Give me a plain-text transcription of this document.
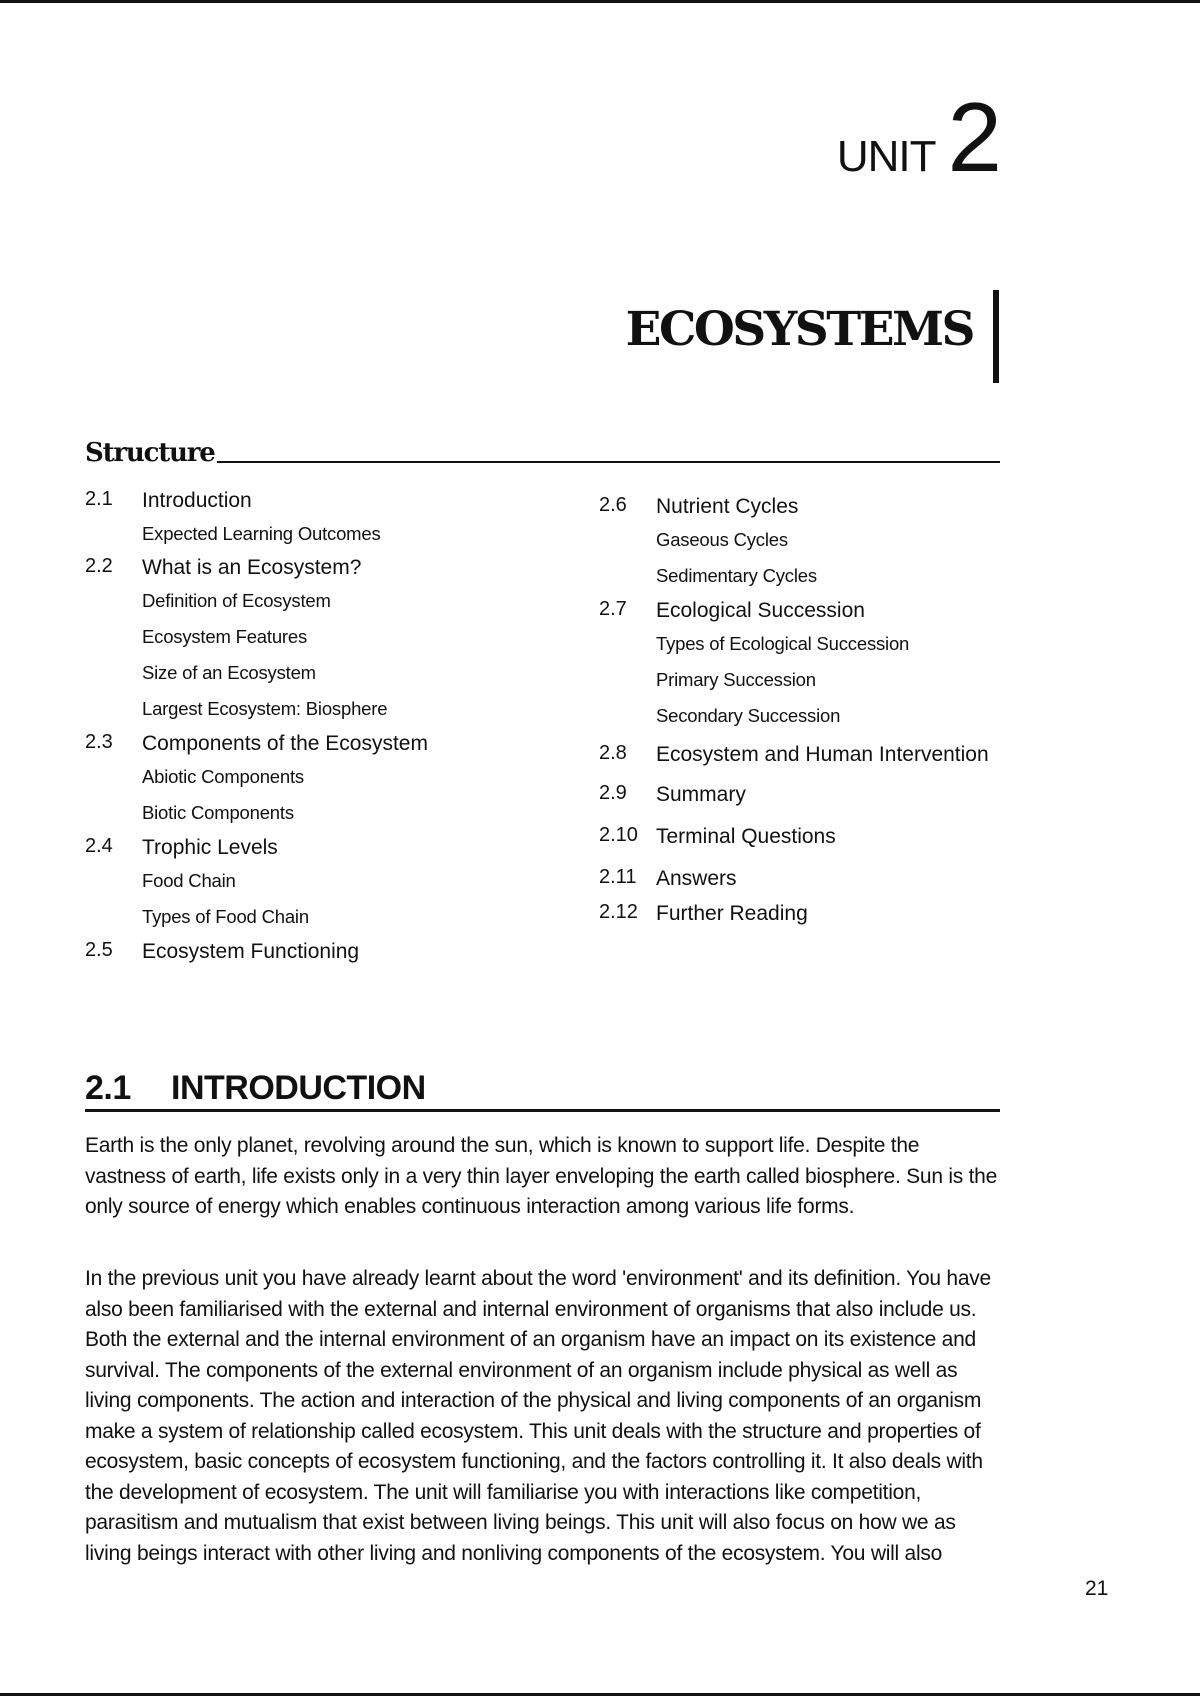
UNIT 2
ECOSYSTEMS
Structure
2.1	Introduction
Expected Learning Outcomes
2.2	What is an Ecosystem?
Definition of Ecosystem
Ecosystem Features
Size of an Ecosystem
Largest Ecosystem: Biosphere
2.3	Components of the Ecosystem
Abiotic Components
Biotic Components
2.4	Trophic Levels
Food Chain
Types of Food Chain
2.5	Ecosystem Functioning
2.6	Nutrient Cycles
Gaseous Cycles
Sedimentary Cycles
2.7	Ecological Succession
Types of Ecological Succession
Primary Succession
Secondary Succession
2.8	Ecosystem and Human Intervention
2.9	Summary
2.10 Terminal Questions
2.11 Answers
2.12 Further Reading
2.1 INTRODUCTION

Earth is the only planet, revolving around the sun, which is known to support life. Despite the vastness of earth, life exists only in a very thin layer enveloping the earth called biosphere. Sun is the only source of energy which enables continuous interaction among various life forms.

In the previous unit you have already learnt about the word 'environment' and its definition. You have also been familiarised with the external and internal environment of organisms that also include us. Both the external and the internal environment of an organism have an impact on its existence and survival. The components of the external environment of an organism include physical as well as living components. The action and interaction of the physical and living components of an organism make a system of relationship called ecosystem. This unit deals with the structure and properties of ecosystem, basic concepts of ecosystem functioning, and the factors controlling it. It also deals with the development of ecosystem. The unit will familiarise you with interactions like competition, parasitism and mutualism that exist between living beings. This unit will also focus on how we as living beings interact with other living and nonliving components of the ecosystem. You will also

21
